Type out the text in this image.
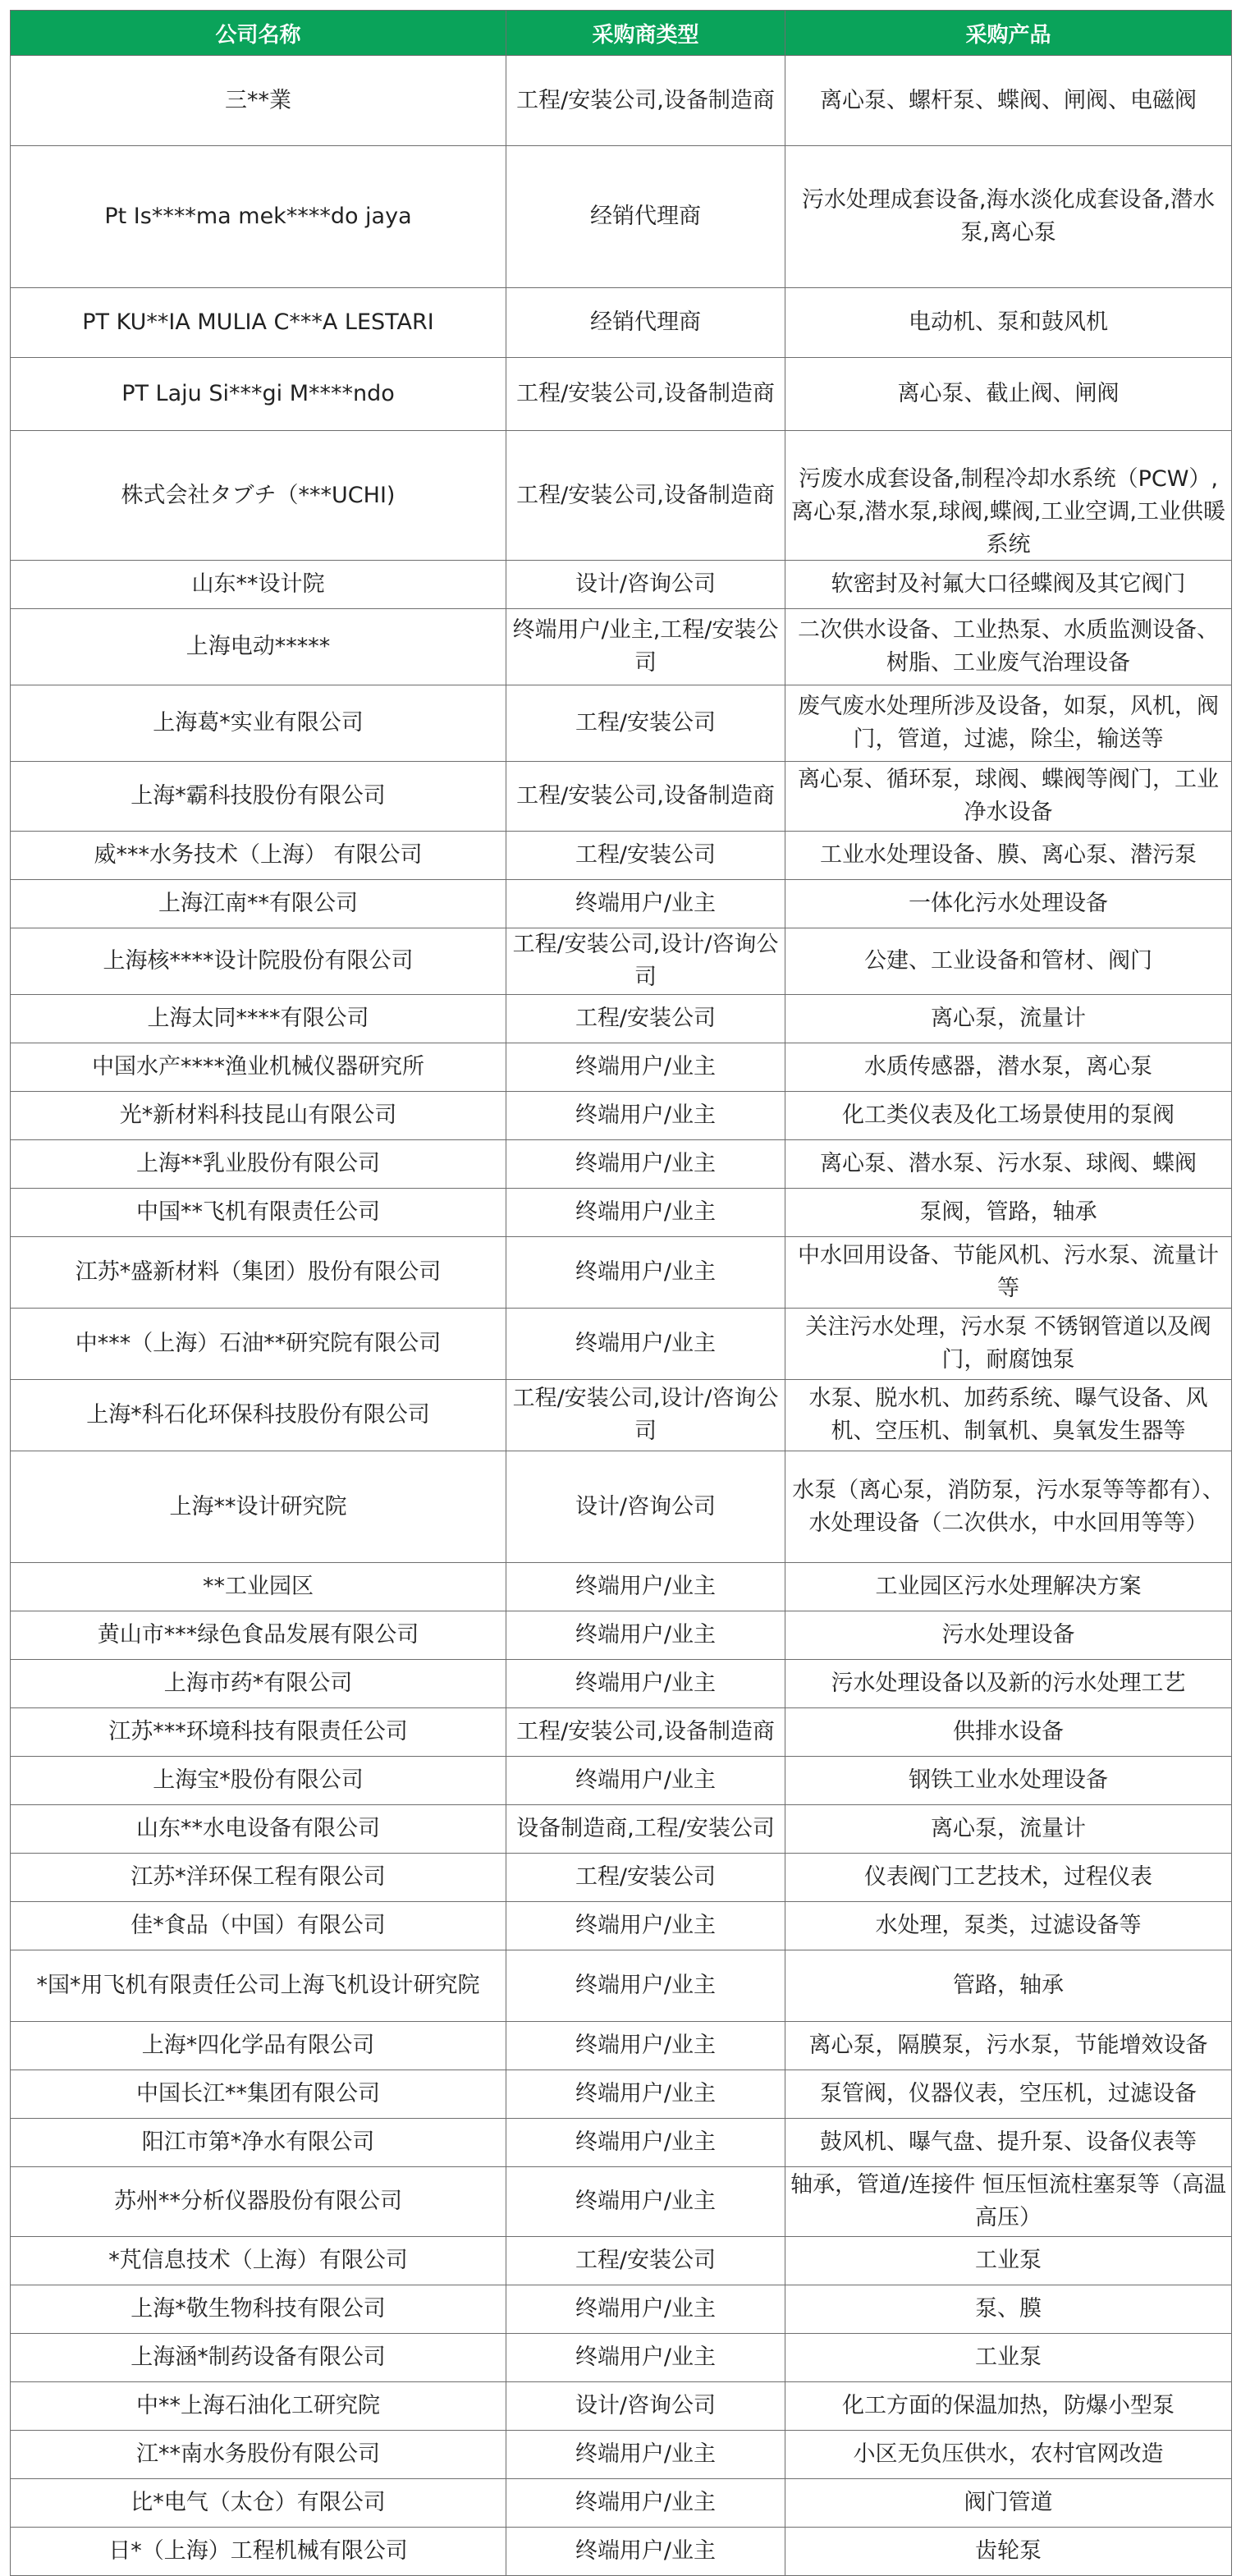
公司名称	采购商类型	采购产品

三**業	工程/安装公司,设备制造商	离心泵、螺杆泵、蝶阀、闸阀、电磁阀

Pt Is****ma mek****do jaya	经销代理商	污水处理成套设备,海水淡化成套设备,潜水泵,离心泵

PT KU**IA MULIA C***A LESTARI	经销代理商	电动机、泵和鼓风机

PT Laju Si***gi M****ndo	工程/安装公司,设备制造商	离心泵、截止阀、闸阀

株式会社タブチ（***UCHI)	工程/安装公司,设备制造商	污废水成套设备,制程冷却水系统（PCW）,离心泵,潜水泵,球阀,蝶阀,工业空调,工业供暖系统

山东**设计院	设计/咨询公司	软密封及衬氟大口径蝶阀及其它阀门

上海电动*****	终端用户/业主,工程/安装公司	二次供水设备、工业热泵、水质监测设备、树脂、工业废气治理设备

上海葛*实业有限公司	工程/安装公司	废气废水处理所涉及设备，如泵，风机，阀门，管道，过滤，除尘，输送等

上海*霸科技股份有限公司	工程/安装公司,设备制造商	离心泵、循环泵，球阀、蝶阀等阀门，工业净水设备

威***水务技术（上海） 有限公司	工程/安装公司	工业水处理设备、膜、离心泵、潜污泵

上海江南**有限公司	终端用户/业主	一体化污水处理设备

上海核****设计院股份有限公司	工程/安装公司,设计/咨询公司	公建、工业设备和管材、阀门

上海太同****有限公司	工程/安装公司	离心泵，流量计

中国水产****渔业机械仪器研究所	终端用户/业主	水质传感器，潜水泵，离心泵

光*新材料科技昆山有限公司	终端用户/业主	化工类仪表及化工场景使用的泵阀

上海**乳业股份有限公司	终端用户/业主	离心泵、潜水泵、污水泵、球阀、蝶阀

中国**飞机有限责任公司	终端用户/业主	泵阀，管路，轴承

江苏*盛新材料（集团）股份有限公司	终端用户/业主	中水回用设备、节能风机、污水泵、流量计等

中***（上海）石油**研究院有限公司	终端用户/业主	关注污水处理，污水泵 不锈钢管道以及阀门，耐腐蚀泵

上海*科石化环保科技股份有限公司	工程/安装公司,设计/咨询公司	水泵、脱水机、加药系统、曝气设备、风机、空压机、制氧机、臭氧发生器等

上海**设计研究院	设计/咨询公司	水泵（离心泵，消防泵，污水泵等等都有）、水处理设备（二次供水，中水回用等等）

**工业园区	终端用户/业主	工业园区污水处理解决方案

黄山市***绿色食品发展有限公司	终端用户/业主	污水处理设备

上海市药*有限公司	终端用户/业主	污水处理设备以及新的污水处理工艺

江苏***环境科技有限责任公司	工程/安装公司,设备制造商	供排水设备

上海宝*股份有限公司	终端用户/业主	钢铁工业水处理设备

山东**水电设备有限公司	设备制造商,工程/安装公司	离心泵，流量计

江苏*洋环保工程有限公司	工程/安装公司	仪表阀门工艺技术，过程仪表

佳*食品（中国）有限公司	终端用户/业主	水处理，泵类，过滤设备等

*国*用飞机有限责任公司上海飞机设计研究院	终端用户/业主	管路，轴承

上海*四化学品有限公司	终端用户/业主	离心泵，隔膜泵，污水泵，节能增效设备

中国长江**集团有限公司	终端用户/业主	泵管阀，仪器仪表，空压机，过滤设备

阳江市第*净水有限公司	终端用户/业主	鼓风机、曝气盘、提升泵、设备仪表等

苏州**分析仪器股份有限公司	终端用户/业主	轴承，管道/连接件 恒压恒流柱塞泵等（高温高压）

*芃信息技术（上海）有限公司	工程/安装公司	工业泵

上海*敬生物科技有限公司	终端用户/业主	泵、膜

上海涵*制药设备有限公司	终端用户/业主	工业泵

中**上海石油化工研究院	设计/咨询公司	化工方面的保温加热，防爆小型泵

江**南水务股份有限公司	终端用户/业主	小区无负压供水，农村官网改造

比*电气（太仓）有限公司	终端用户/业主	阀门管道

日*（上海）工程机械有限公司	终端用户/业主	齿轮泵
